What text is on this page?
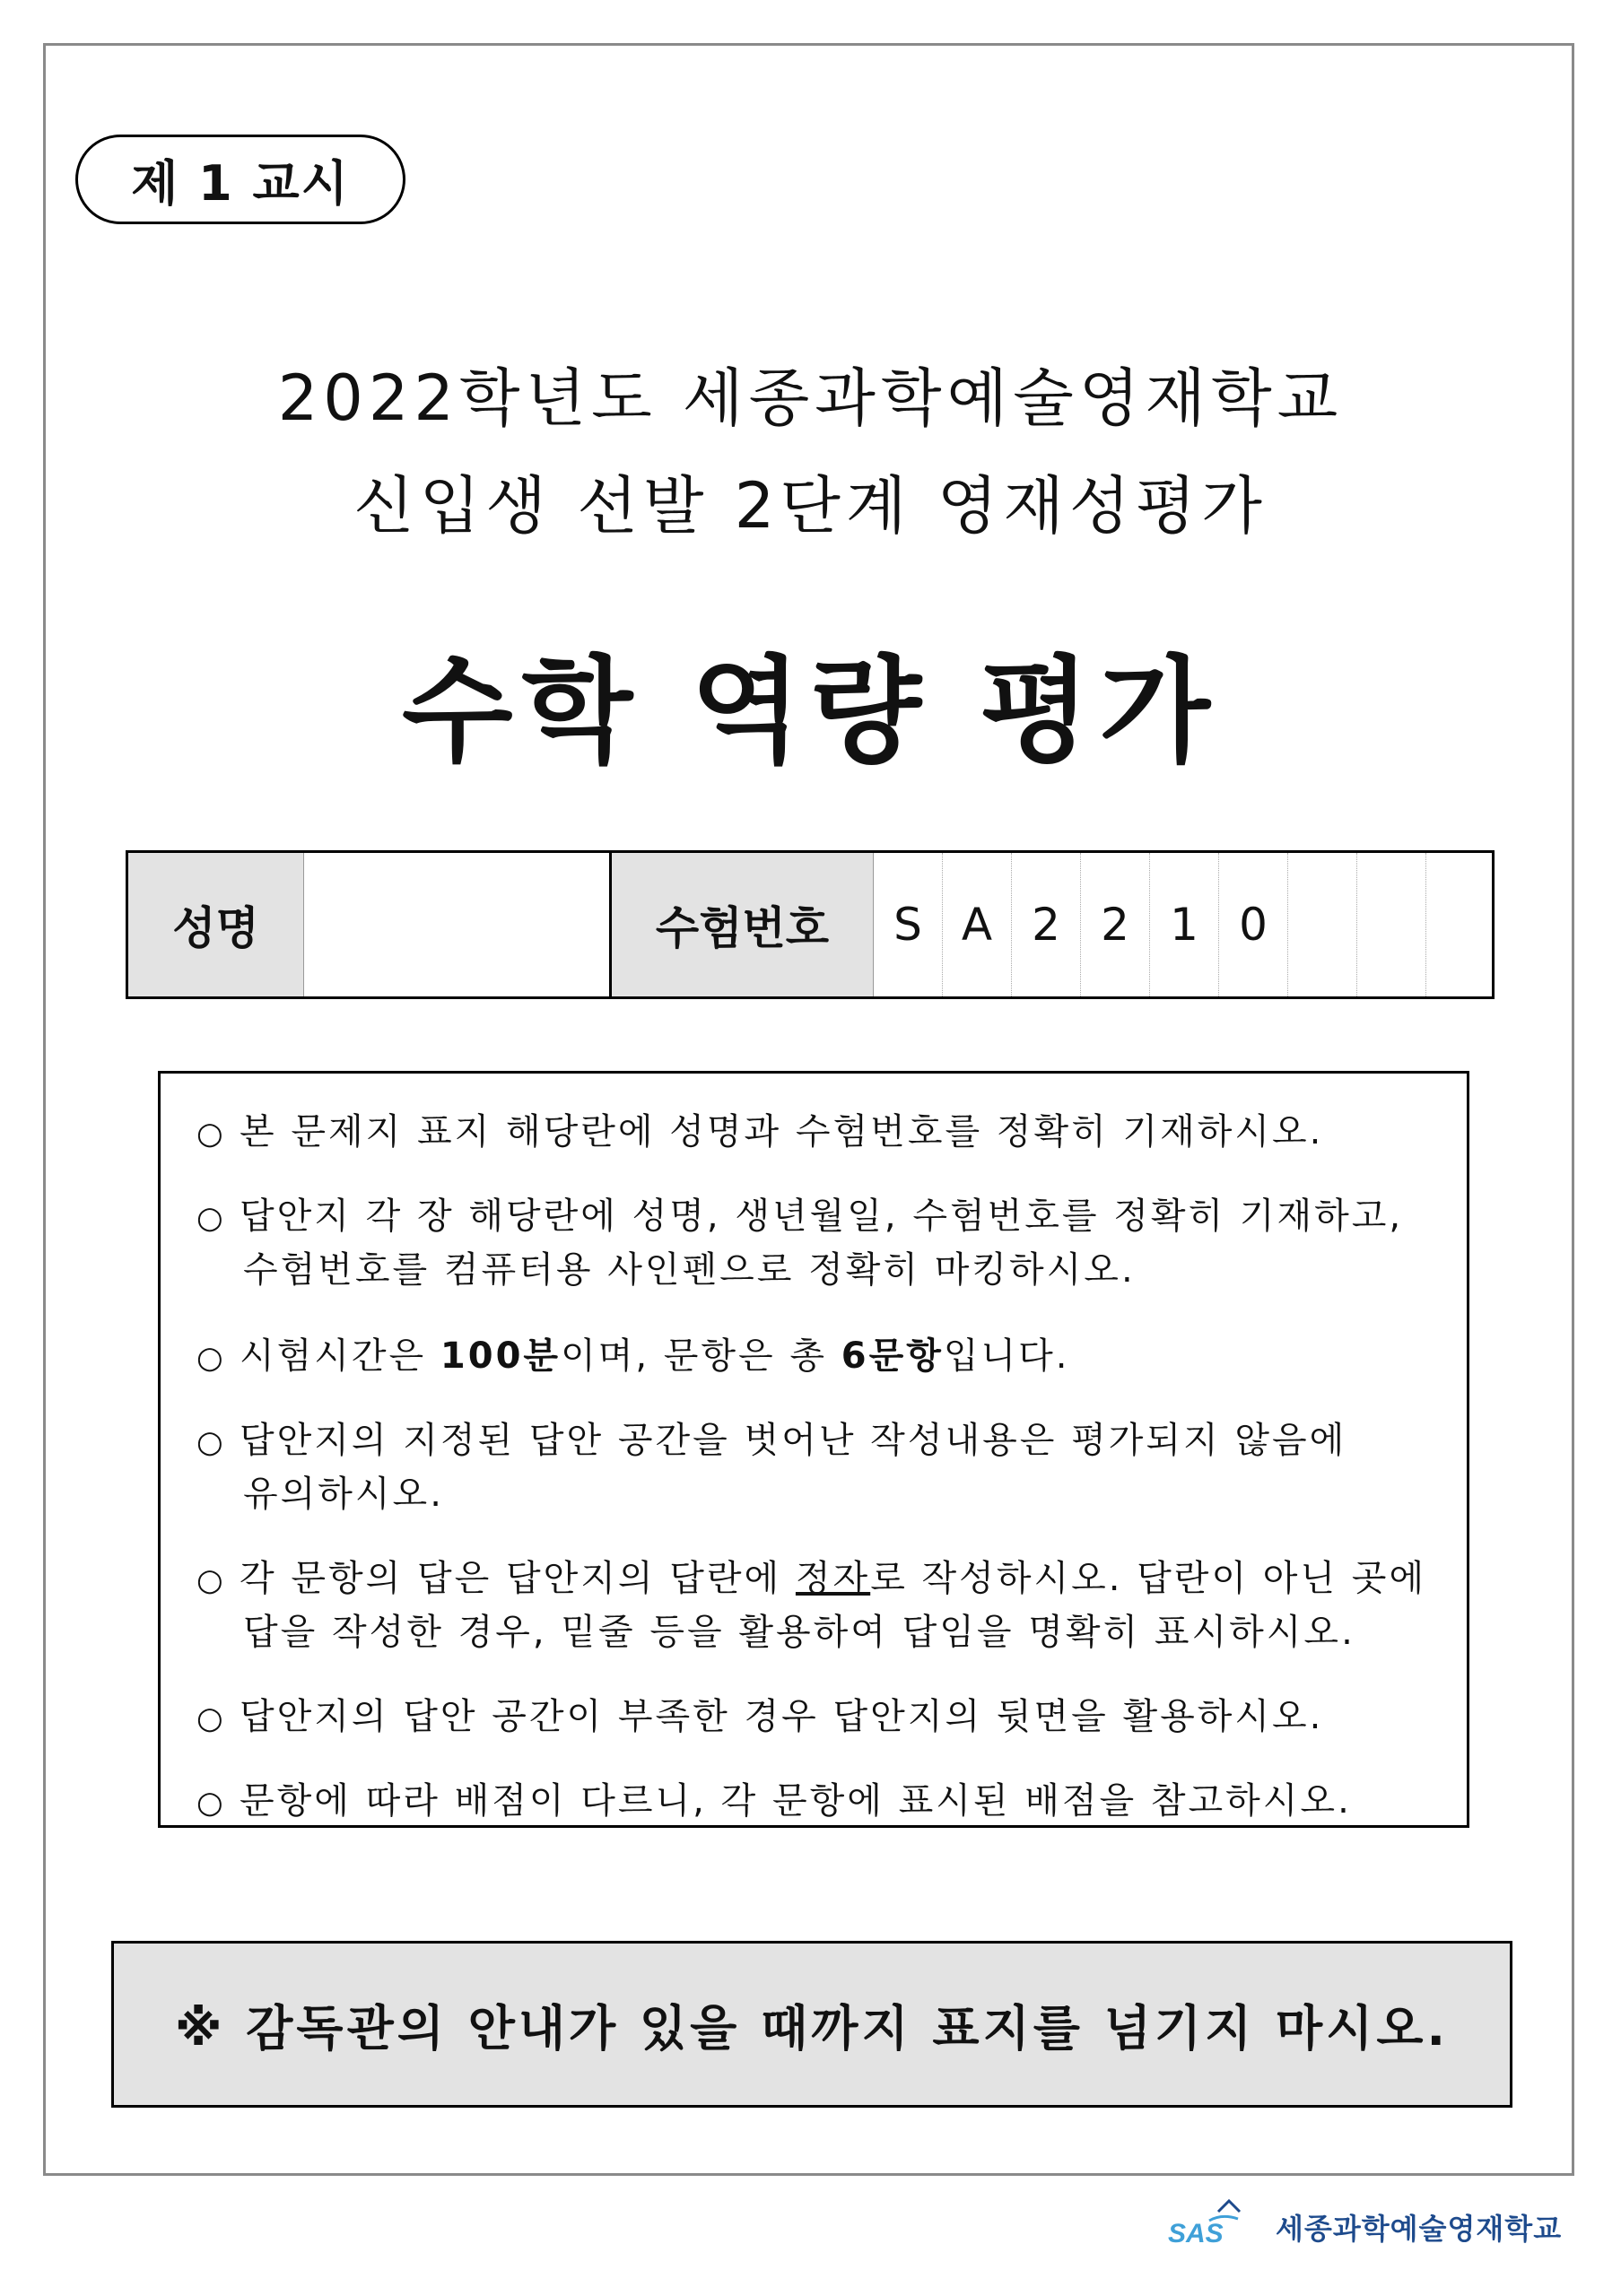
제 1 교시
2022학년도 세종과학예술영재학교
신입생 선발 2단계 영재성평가
수학 역량 평가
성명	수험번호	S A 2 2 1 0
○ 본 문제지 표지 해당란에 성명과 수험번호를 정확히 기재하시오.
○ 답안지 각 장 해당란에 성명, 생년월일, 수험번호를 정확히 기재하고,
수험번호를 컴퓨터용 사인펜으로 정확히 마킹하시오.
○ 시험시간은 100분이며, 문항은 총 6문항입니다.
○ 답안지의 지정된 답안 공간을 벗어난 작성내용은 평가되지 않음에
유의하시오.
○ 각 문항의 답은 답안지의 답란에 정자로 작성하시오. 답란이 아닌 곳에
답을 작성한 경우, 밑줄 등을 활용하여 답임을 명확히 표시하시오.
○ 답안지의 답안 공간이 부족한 경우 답안지의 뒷면을 활용하시오.
○ 문항에 따라 배점이 다르니, 각 문항에 표시된 배점을 참고하시오.
※ 감독관의 안내가 있을 때까지 표지를 넘기지 마시오.
SAS 세종과학예술영재학교
